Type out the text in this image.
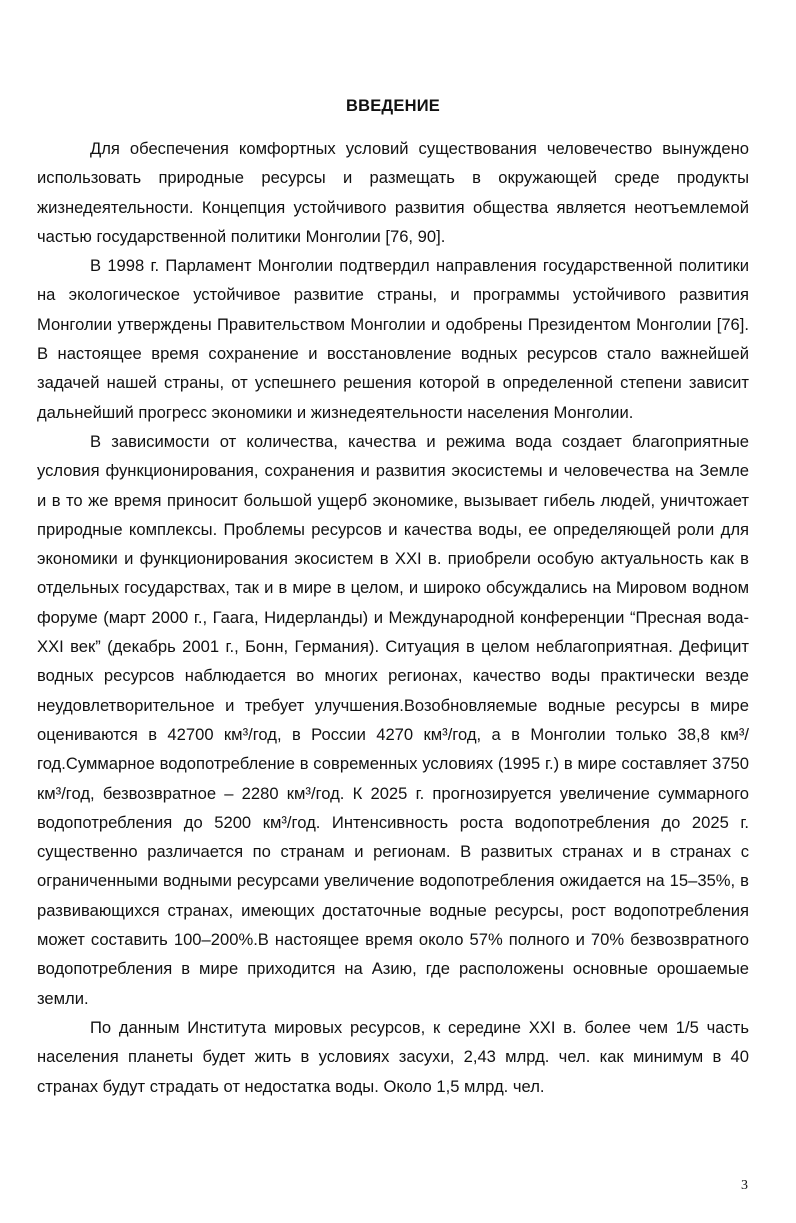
ВВЕДЕНИЕ

Для обеспечения комфортных условий существования человечество вынуждено использовать природные ресурсы и размещать в окружающей среде продукты жизнедеятельности. Концепция устойчивого развития общества является неотъемлемой частью государственной политики Монголии [76, 90].

В 1998 г. Парламент Монголии подтвердил направления государственной политики на экологическое устойчивое развитие страны, и программы устойчивого развития Монголии утверждены Правительством Монголии и одобрены Президентом Монголии [76]. В настоящее время сохранение и восстановление водных ресурсов стало важнейшей задачей нашей страны, от успешнего решения которой в определенной степени зависит дальнейший прогресс экономики и жизнедеятельности населения Монголии.

В зависимости от количества, качества и режима вода создает благоприятные условия функционирования, сохранения и развития экосистемы и человечества на Земле и в то же время приносит большой ущерб экономике, вызывает гибель людей, уничтожает природные комплексы. Проблемы ресурсов и качества воды, ее определяющей роли для экономики и функционирования экосистем в XXI в. приобрели особую актуальность как в отдельных государствах, так и в мире в целом, и широко обсуждались на Мировом водном форуме (март 2000 г., Гаага, Нидерланды) и Международной конференции “Пресная вода-XXI век” (декабрь 2001 г., Бонн, Германия). Ситуация в целом неблагоприятная. Дефицит водных ресурсов наблюдается во многих регионах, качество воды практически везде неудовлетворительное и требует улучшения.Возобновляемые водные ресурсы в мире оцениваются в 42700 км³/год, в России 4270 км³/год, а в Монголии только 38,8 км³/год.Суммарное водопотребление в современных условиях (1995 г.) в мире составляет 3750 км³/год, безвозвратное – 2280 км³/год. К 2025 г. прогнозируется увеличение суммарного водопотребления до 5200 км³/год. Интенсивность роста водопотребления до 2025 г. существенно различается по странам и регионам. В развитых странах и в странах с ограниченными водными ресурсами увеличение водопотребления ожидается на 15–35%, в развивающихся странах, имеющих достаточные водные ресурсы, рост водопотребления может составить 100–200%.В настоящее время около 57% полного и 70% безвозвратного водопотребления в мире приходится на Азию, где расположены основные орошаемые земли.

По данным Института мировых ресурсов, к середине XXI в. более чем 1/5 часть населения планеты будет жить в условиях засухи, 2,43 млрд. чел. как минимум в 40 странах будут страдать от недостатка воды. Около 1,5 млрд. чел.

3
